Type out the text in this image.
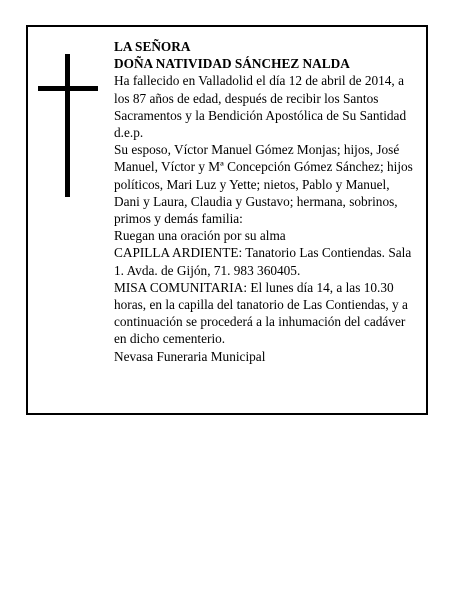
LA SEÑORA

DOÑA NATIVIDAD SÁNCHEZ NALDA

Ha fallecido en Valladolid el día 12 de abril de 2014, a los 87 años de edad, después de recibir los Santos Sacramentos y la Bendición Apostólica de Su Santidad d.e.p.

Su esposo, Víctor Manuel Gómez Monjas; hijos, José Manuel, Víctor y Mª Concepción Gómez Sánchez; hijos políticos, Mari Luz y Yette; nietos, Pablo y Manuel, Dani y Laura, Claudia y Gustavo; hermana, sobrinos, primos y demás familia:

Ruegan una oración por su alma

CAPILLA ARDIENTE: Tanatorio Las Contiendas. Sala 1. Avda. de Gijón, 71. 983 360405.

MISA COMUNITARIA: El lunes día 14, a las 10.30 horas, en la capilla del tanatorio de Las Contiendas, y a continuación se procederá a la inhumación del cadáver en dicho cementerio.

Nevasa Funeraria Municipal
